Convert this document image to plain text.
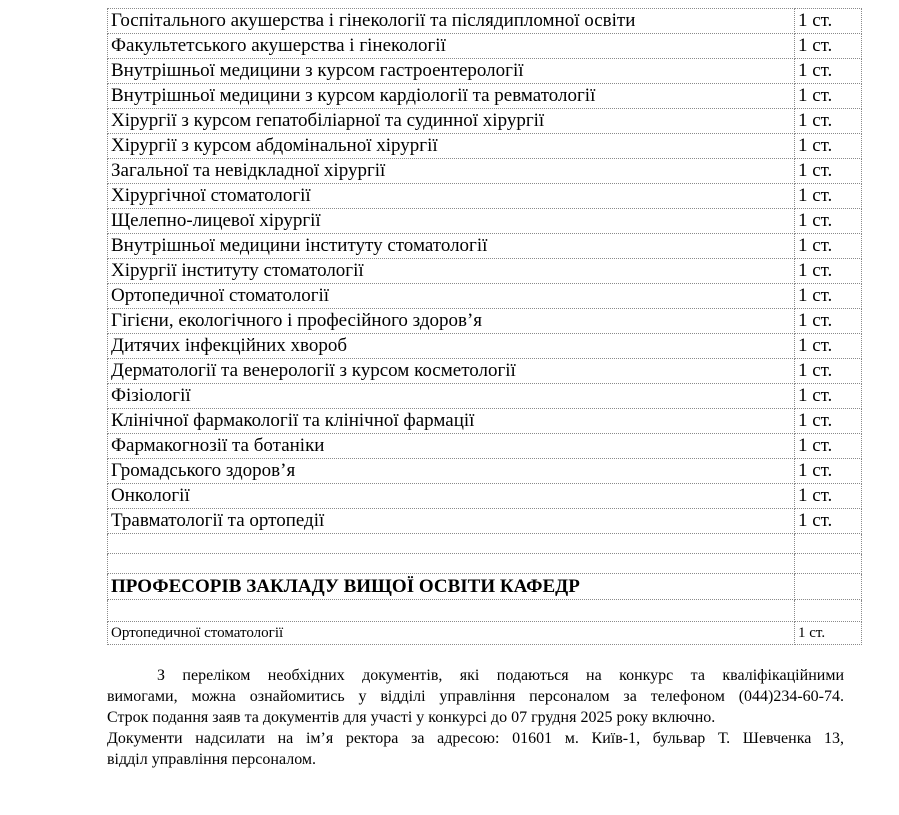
Госпітального акушерства і гінекології та післядипломної освіти	1 ст.
Факультетського акушерства і гінекології	1 ст.
Внутрішньої медицини з курсом гастроентерології	1 ст.
Внутрішньої медицини з курсом кардіології та ревматології	1 ст.
Хірургії з курсом гепатобіліарної та судинної хірургії	1 ст.
Хірургії з курсом абдомінальної хірургії	1 ст.
Загальної та невідкладної хірургії	1 ст.
Хірургічної стоматології	1 ст.
Щелепно-лицевої хірургії	1 ст.
Внутрішньої медицини інституту стоматології	1 ст.
Хірургії інституту стоматології	1 ст.
Ортопедичної стоматології	1 ст.
Гігієни, екологічного і професійного здоров’я	1 ст.
Дитячих інфекційних хвороб	1 ст.
Дерматології та венерології з курсом косметології	1 ст.
Фізіології	1 ст.
Клінічної фармакології та клінічної фармації	1 ст.
Фармакогнозії та ботаніки	1 ст.
Громадського здоров’я	1 ст.
Онкології	1 ст.
Травматології та ортопедії	1 ст.

ПРОФЕСОРІВ ЗАКЛАДУ ВИЩОЇ ОСВІТИ КАФЕДР	

Ортопедичної стоматології	1 ст.

З переліком необхідних документів, які подаються на конкурс та кваліфікаційними

вимогами, можна ознайомитись у відділі управління персоналом за телефоном (044)234-60-74.

Строк подання заяв та документів для участі у конкурсі до 07 грудня 2025 року включно.

Документи надсилати на ім’я ректора за адресою: 01601 м. Київ-1, бульвар Т. Шевченка 13,

відділ управління персоналом.
